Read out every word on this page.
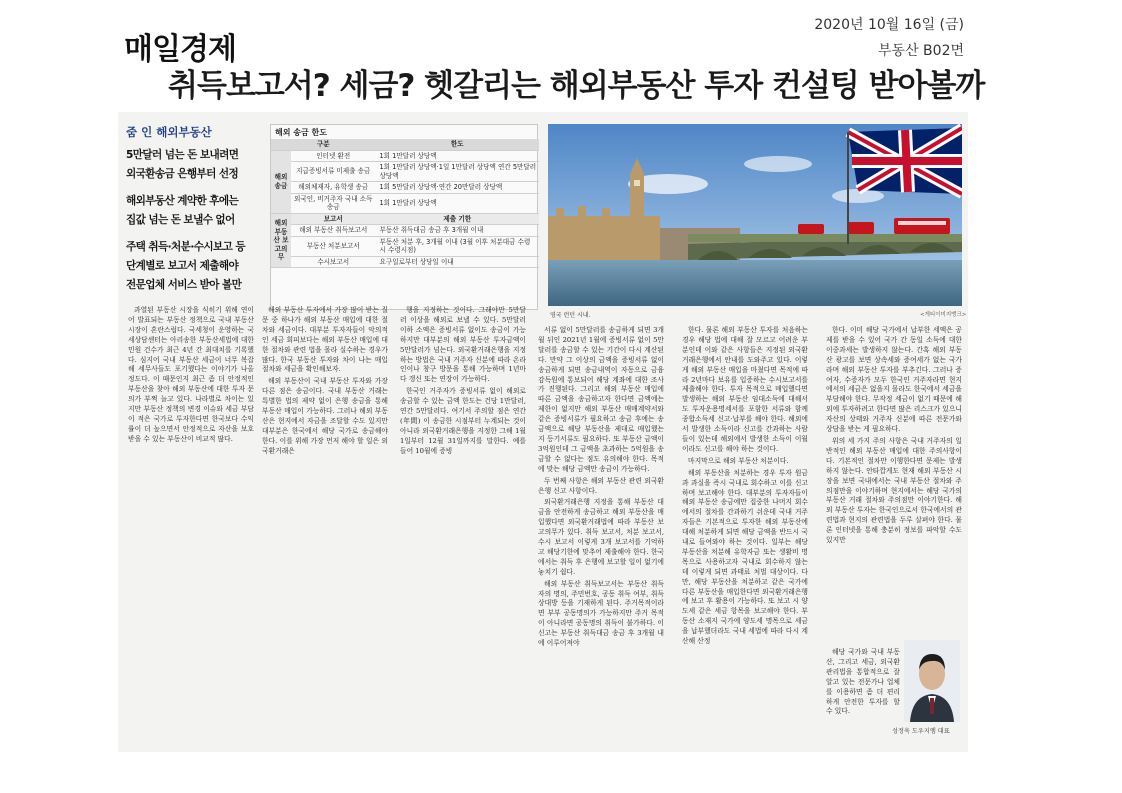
2020년 10월 16일 (금)
부동산 B02면
매일경제
취득보고서? 세금? 헷갈리는 해외부동산 투자 컨설팅 받아볼까
줌 인 해외부동산
5만달러 넘는 돈 보내려면
외국환송금 은행부터 선정
해외부동산 계약한 후에는
집값 넘는 돈 보낼수 없어
주택 취득·처분·수시보고 등
단계별로 보고서 제출해야
전문업체 서비스 받아 볼만
해외 송금 한도
구분		한도
해외 송금	인터넷 환전	1회 1만달러 상당액
	지급증빙서류 미제출 송금	1회 1만달러 상당액·1일 1만달러 상당액 연간 5만달러 상당액
	해외체재자, 유학생 송금	1회 5만달러 상당액·연간 20만달러 상당액
	외국인, 비거주자 국내 소득 송금	1회 1만달러 상당액
해외 부동산 보고의무	보고서	제출 기한
	해외 부동산 취득보고서	부동산 취득대금 송금 후 3개월 이내
	부동산 처분보고서	부동산 처분 후, 3개월 이내 (3월 이후 처분대금 수령 시 수령시점)
	수시보고서	요구일로부터 상당일 이내
영국 런던 시내.	<게티이미지뱅크>

과열된 부동산 시장을 식히기 위해 연이어 발표되는 부동산 정책으로 국내 부동산 시장이 혼란스럽다. 국세청이 운영하는 국세상담센터는 아리송한 부동산세법에 대한 민원 건수가 최근 4년 간 최대치를 기록했다. 심지어 국내 부동산 세금이 너무 복잡해 세무사들도 포기했다는 이야기가 나올 정도다. 이 때문인지 최근 좀 더 안정적인 부동산을 찾아 해외 부동산에 대한 투자 문의가 부쩍 늘고 있다. 나라별로 차이는 있지만 부동산 정책의 변경 이슈와 세금 부담이 적은 국가로 투자한다면 한국보다 수익률이 더 높으면서 안정적으로 자산을 보호받을 수 있는 부동산이 비교적 많다.

해외 부동산 투자에서 가장 많이 받는 질문 중 하나가 해외 부동산 매입에 대한 절차와 세금이다. 대부분 투자자들이 악의적인 세금 회피보다는 해외 부동산 매입에 대한 절차와 관련 법을 몰라 실수하는 경우가 많다. 한국 부동산 투자와 차이 나는 매입 절차와 세금을 확인해보자.

해외 부동산이 국내 부동산 투자와 가장 다른 점은 송금이다. 국내 부동산 거래는 특별한 법의 제약 없이 은행 송금을 통해 부동산 매입이 가능하다. 그러나 해외 부동산은 현지에서 자금을 조달할 수도 있지만 대부분은 한국에서 해당 국가로 송금해야 한다. 이를 위해 가장 먼저 해야 할 일은 외국환거래은

행을 지정하는 것이다. 그래야만 5만달러 이상을 해외로 보낼 수 있다. 5만달러 이하 소액은 증빙서류 없이도 송금이 가능하지만 대부분의 해외 부동산 투자금액이 5만달러가 넘는다. 외국환거래은행을 지정하는 방법은 국내 거주자 신분에 따라 온라인이나 창구 방문을 통해 가능하며 1년마다 갱신 또는 연장이 가능하다.

한국인 거주자가 증빙서류 없이 해외로 송금할 수 있는 금액 한도는 건당 1만달러, 연간 5만달러다. 여기서 주의할 점은 연간(年間) 이 송금한 시점부터 누계되는 것이 아니라 외국환거래은행을 지정한 그해 1월 1일부터 12월 31일까지를 말한다. 예를 들어 10월에 증빙

서류 없이 5만달러를 송금하게 되면 3개월 뒤인 2021년 1월에 증빙서류 없이 5만달러를 송금할 수 있는 기간이 다시 계산된다. 만약 그 이상의 금액을 증빙서류 없이 송금하게 되면 송금내역이 자동으로 금융감독원에 통보되어 해당 계좌에 대한 조사가 진행된다. 그리고 해외 부동산 매입에 따른 금액을 송금하고자 한다면 금액에는 제한이 없지만 해외 부동산 매매계약서와 같은 증빙서류가 필요하고 송금 후에는 송금액으로 해당 부동산을 제대로 매입했는지 등기서류도 필요하다. 또 부동산 금액이 3억원인데 그 금액을 초과하는 5억원을 송금할 수 없다는 점도 유의해야 한다. 목적에 맞는 해당 금액만 송금이 가능하다.

두 번째 사항은 해외 부동산 관련 외국환은행 신고 사항이다.

외국환거래은행 지정을 통해 부동산 대금을 안전하게 송금하고 해외 부동산을 매입했다면 외국환거래법에 따라 부동산 보고의무가 있다. 취득 보고서, 처분 보고서, 수시 보고서 이렇게 3개 보고서를 기억하고 해당기한에 맞추어 제출해야 한다. 한국에서는 취득 후 은행에 보고할 일이 없기에 놓치기 쉽다.

해외 부동산 취득보고서는 부동산 취득자의 명의, 주민번호, 공동 취득 여부, 취득 상대방 등을 기재하게 된다. 주거목적이라면 부부 공동명의가 가능하지만 주거 목적이 아니라면 공동명의 취득이 불가하다. 이 신고는 부동산 취득대금 송금 후 3개월 내에 이루어져야

한다. 물론 해외 부동산 투자를 처음하는 경우 해당 법에 대해 잘 모르고 어려운 부분인데 이와 같은 사항들은 지정된 외국환거래은행에서 안내를 도와주고 있다. 이렇게 해외 부동산 매입을 마쳤다면 목적에 따라 2년마다 보유를 입증하는 수시보고서를 제출해야 한다. 투자 목적으로 매입했다면 발생하는 해외 부동산 임대소득에 대해서도 투자운용명세서를 포함한 서류와 함께 종합소득세 신고·납부를 해야 한다. 해외에서 발생한 소득이라 신고를 간과하는 사람들이 있는데 해외에서 발생한 소득이 이월이라도 신고를 해야 하는 것이다.

마지막으로 해외 부동산 처분이다.

해외 부동산을 처분하는 경우 투자 원금과 과실을 즉시 국내로 회수하고 이를 신고하며 보고해야 한다. 대부분의 투자자들이 해외 부동산 송금에만 집중한 나머지 회수에서의 절차를 간과하기 쉬운데 국내 거주자들은 기본적으로 투자한 해외 부동산에 대해 처분하게 되면 해당 금액을 반드시 국내로 들여와야 하는 것이다. 일부는 해당 부동산을 처분해 유학자금 또는 생활비 명목으로 사용하고자 국내로 회수하지 않는데 이렇게 되면 과태료 처벌 대상이다. 다만, 해당 부동산을 처분하고 같은 국가에 다른 부동산을 매입한다면 외국환거래은행에 보고 후 활용이 가능하다. 또 보고 시 양도세 같은 세금 항목을 보고해야 한다. 부동산 소재지 국가에 양도세 명목으로 세금을 납부했더라도 국내 세법에 따라 다시 계산해 산정

한다. 이미 해당 국가에서 납부한 세액은 공제를 받을 수 있어 국가 간 동일 소득에 대한 이중과세는 발생하지 않는다. 간혹 해외 부동산 광고를 보면 상속세와 증여세가 없는 국가라며 해외 부동산 투자를 부추긴다. 그러나 증여자, 수증자가 모두 한국인 거주자라면 현지에서의 세금은 없을지 몰라도 한국에서 세금을 부담해야 한다. 무작정 세금이 없기 때문에 해외에 투자하려고 한다면 많은 리스크가 있으니 자산의 상태와 거주자 신분에 따른 전문가와 상담을 받는 게 필요하다.

위의 세 가지 주의 사항은 국내 거주자의 일반적인 해외 부동산 매입에 대한 주의사항이다. 기본적인 절차만 이행한다면 문제는 발생하지 않는다. 안타깝게도 현재 해외 부동산 시장을 보면 국내에서는 국내 부동산 절차와 주의점만을 이야기하며 현지에서는 해당 국가의 부동산 거래 절차와 주의점만 이야기한다. 해외 부동산 투자는 한국인으로서 한국에서의 관련법과 현지의 관련법을 두루 살펴야 한다. 물론 인터넷을 통해 충분히 정보를 파악할 수도 있지만

해당 국가와 국내 부동산, 그리고 세금, 외국환관리법을 통합적으로 잘 알고 있는 전문가나 업체를 이용하면 좀 더 편리하게 안전한 투자를 할 수 있다.

성정욱 도우지엠 대표
